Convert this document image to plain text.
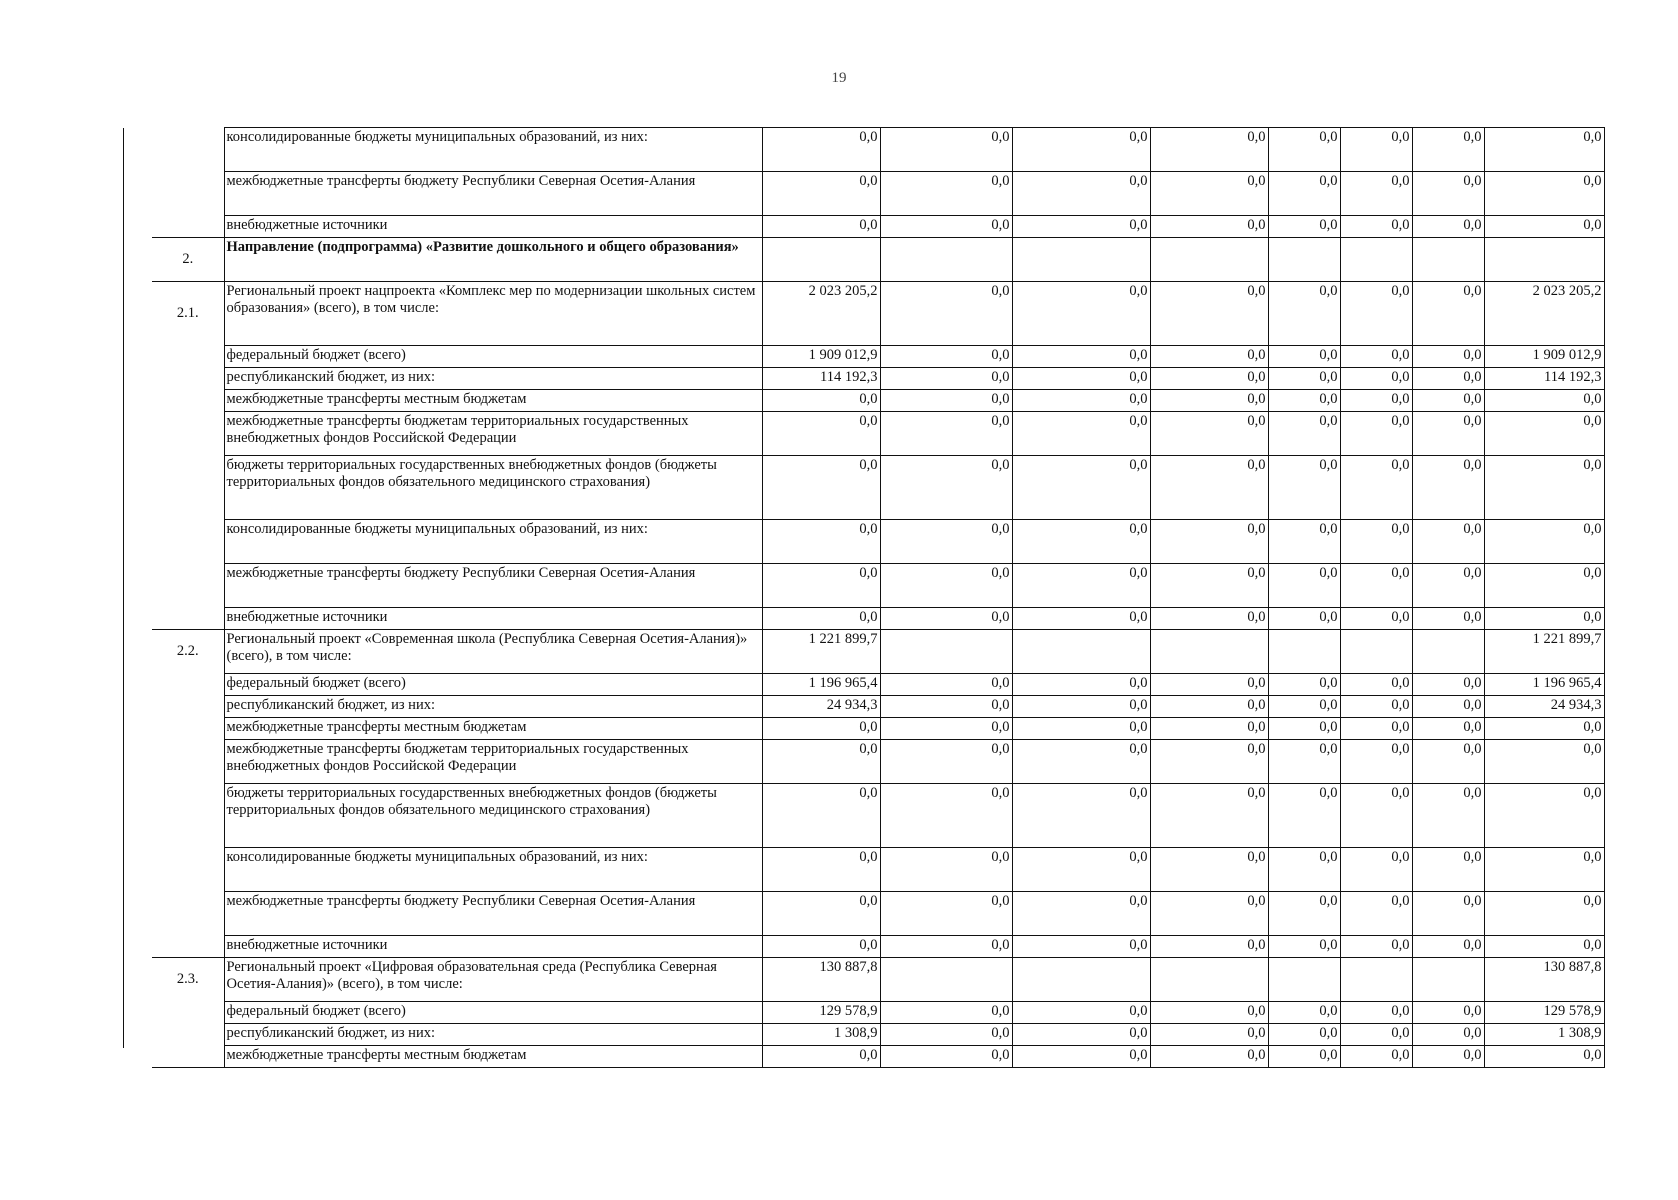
19
	консолидированные бюджеты муниципальных образований, из них:	0,0	0,0	0,0	0,0	0,0	0,0	0,0	0,0
	межбюджетные трансферты бюджету Республики Северная Осетия-Алания	0,0	0,0	0,0	0,0	0,0	0,0	0,0	0,0
	внебюджетные источники	0,0	0,0	0,0	0,0	0,0	0,0	0,0	0,0
2.	Направление (подпрограмма) «Развитие дошкольного и общего образования»								
2.1.	Региональный проект нацпроекта «Комплекс мер по модернизации школьных систем образования» (всего), в том числе:	2 023 205,2	0,0	0,0	0,0	0,0	0,0	0,0	2 023 205,2
	федеральный бюджет (всего)	1 909 012,9	0,0	0,0	0,0	0,0	0,0	0,0	1 909 012,9
	республиканский бюджет, из них:	114 192,3	0,0	0,0	0,0	0,0	0,0	0,0	114 192,3
	межбюджетные трансферты местным бюджетам	0,0	0,0	0,0	0,0	0,0	0,0	0,0	0,0
	межбюджетные трансферты бюджетам территориальных государственных внебюджетных фондов Российской Федерации	0,0	0,0	0,0	0,0	0,0	0,0	0,0	0,0
	бюджеты территориальных государственных внебюджетных фондов (бюджеты территориальных фондов обязательного медицинского страхования)	0,0	0,0	0,0	0,0	0,0	0,0	0,0	0,0
	консолидированные бюджеты муниципальных образований, из них:	0,0	0,0	0,0	0,0	0,0	0,0	0,0	0,0
	межбюджетные трансферты бюджету Республики Северная Осетия-Алания	0,0	0,0	0,0	0,0	0,0	0,0	0,0	0,0
	внебюджетные источники	0,0	0,0	0,0	0,0	0,0	0,0	0,0	0,0
2.2.	Региональный проект «Современная школа (Республика Северная Осетия-Алания)» (всего), в том числе:	1 221 899,7							1 221 899,7
	федеральный бюджет (всего)	1 196 965,4	0,0	0,0	0,0	0,0	0,0	0,0	1 196 965,4
	республиканский бюджет, из них:	24 934,3	0,0	0,0	0,0	0,0	0,0	0,0	24 934,3
	межбюджетные трансферты местным бюджетам	0,0	0,0	0,0	0,0	0,0	0,0	0,0	0,0
	межбюджетные трансферты бюджетам территориальных государственных внебюджетных фондов Российской Федерации	0,0	0,0	0,0	0,0	0,0	0,0	0,0	0,0
	бюджеты территориальных государственных внебюджетных фондов (бюджеты территориальных фондов обязательного медицинского страхования)	0,0	0,0	0,0	0,0	0,0	0,0	0,0	0,0
	консолидированные бюджеты муниципальных образований, из них:	0,0	0,0	0,0	0,0	0,0	0,0	0,0	0,0
	межбюджетные трансферты бюджету Республики Северная Осетия-Алания	0,0	0,0	0,0	0,0	0,0	0,0	0,0	0,0
	внебюджетные источники	0,0	0,0	0,0	0,0	0,0	0,0	0,0	0,0
2.3.	Региональный проект «Цифровая образовательная среда (Республика Северная Осетия-Алания)» (всего), в том числе:	130 887,8							130 887,8
	федеральный бюджет (всего)	129 578,9	0,0	0,0	0,0	0,0	0,0	0,0	129 578,9
	республиканский бюджет, из них:	1 308,9	0,0	0,0	0,0	0,0	0,0	0,0	1 308,9
	межбюджетные трансферты местным бюджетам	0,0	0,0	0,0	0,0	0,0	0,0	0,0	0,0
